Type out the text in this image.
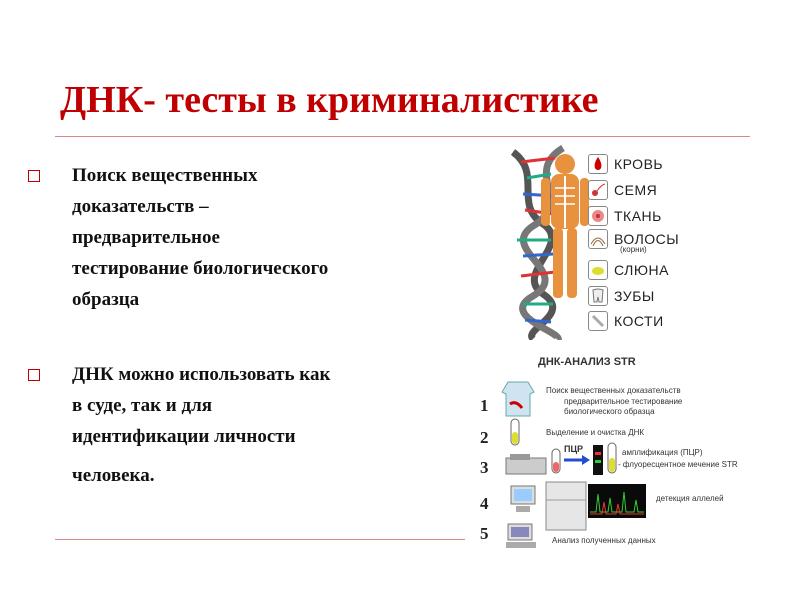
ДНК- тесты в криминалистике
Поиск вещественных
доказательств –
предварительное
тестирование биологического
образца
ДНК можно использовать как
в суде, так и для
идентификации личности
человека.
КРОВЬ
СЕМЯ
ТКАНЬ
ВОЛОСЫ
(корни)
СЛЮНА
ЗУБЫ
КОСТИ
ДНК-АНАЛИЗ STR
1
Поиск вещественных доказательств
предварительное тестирование
биологического образца
2	Выделение и очистка ДНК
3
ПЦР	амплификация (ПЦР)
- флуоресцентное мечение STR
4	детекция аллелей
5	Анализ полученных данных
